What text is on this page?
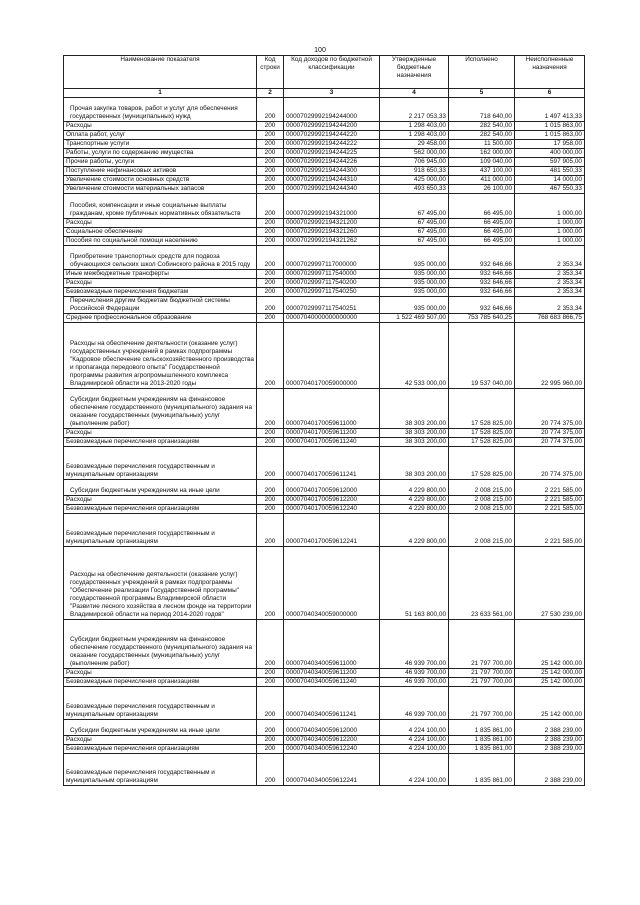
100
Наименование показателя	Код строки	Код доходов по бюджетной классификации	Утвержденные бюджетные назначения	Исполнено	Неисполненные назначения
1	2	3	4	5	6
Прочая закупка товаров, работ и услуг для обеспечения государственных (муниципальных) нужд	200	00007029992194244000	2 217 053,33	718 640,00	1 497 413,33
Расходы	200	00007029992194244200	1 298 403,00	282 540,00	1 015 863,00
Оплата работ, услуг	200	00007029992194244220	1 298 403,00	282 540,00	1 015 863,00
Транспортные услуги	200	00007029992194244222	29 458,00	11 500,00	17 958,00
Работы, услуги по содержанию имущества	200	00007029992194244225	562 000,00	162 000,00	400 000,00
Прочие работы, услуги	200	00007029992194244226	706 945,00	109 040,00	597 905,00
Поступление нефинансовых активов	200	00007029992194244300	918 650,33	437 100,00	481 550,33
Увеличение стоимости основных средств	200	00007029992194244310	425 000,00	411 000,00	14 000,00
Увеличение стоимости материальных запасов	200	00007029992194244340	493 650,33	26 100,00	467 550,33
Пособия, компенсации и иные социальные выплаты гражданам, кроме публичных нормативных обязательств	200	00007029992194321000	67 495,00	66 495,00	1 000,00
Расходы	200	00007029992194321200	67 495,00	66 495,00	1 000,00
Социальное обеспечение	200	00007029992194321260	67 495,00	66 495,00	1 000,00
Пособия по социальной помощи населению	200	00007029992194321262	67 495,00	66 495,00	1 000,00
Приобретение транспортных средств для подвоза обучающихся сельских школ Собинского района в 2015 году	200	00007029997117000000	935 000,00	932 646,66	2 353,34
Иные межбюджетные трансферты	200	00007029997117540000	935 000,00	932 646,66	2 353,34
Расходы	200	00007029997117540200	935 000,00	932 646,66	2 353,34
Безвозмездные перечисления бюджетам	200	00007029997117540250	935 000,00	932 646,66	2 353,34
Перечисления другим бюджетам бюджетной системы Российской Федерации	200	00007029997117540251	935 000,00	932 646,66	2 353,34
Среднее профессиональное образование	200	00007040000000000000	1 522 469 507,00	753 785 640,25	768 683 866,75
Расходы на обеспечение деятельности (оказание услуг) государственных учреждений в рамках подпрограммы "Кадровое обеспечение сельскохозяйственного производства и пропаганда передового опыта" Государственной программы развития агропромышленного комплекса Владимирской области на 2013-2020 годы	200	00007040170059000000	42 533 000,00	19 537 040,00	22 995 960,00
Субсидии бюджетным учреждениям на финансовое обеспечение государственного (муниципального) задания на оказание государственных (муниципальных) услуг (выполнение работ)	200	00007040170059611000	38 303 200,00	17 528 825,00	20 774 375,00
Расходы	200	00007040170059611200	38 303 200,00	17 528 825,00	20 774 375,00
Безвозмездные перечисления организациям	200	00007040170059611240	38 303 200,00	17 528 825,00	20 774 375,00
Безвозмездные перечисления государственным и муниципальным организациям	200	00007040170059611241	38 303 200,00	17 528 825,00	20 774 375,00
Субсидии бюджетным учреждениям на иные цели	200	00007040170059612000	4 229 800,00	2 008 215,00	2 221 585,00
Расходы	200	00007040170059612200	4 229 800,00	2 008 215,00	2 221 585,00
Безвозмездные перечисления организациям	200	00007040170059612240	4 229 800,00	2 008 215,00	2 221 585,00
Безвозмездные перечисления государственным и муниципальным организациям	200	00007040170059612241	4 229 800,00	2 008 215,00	2 221 585,00
Расходы на обеспечение деятельности (оказание услуг) государственных учреждений в рамках подпрограммы "Обеспечение реализации Государственной программы" государственной программы Владимирской области "Развитие лесного хозяйства в лесном фонде на территории Владимирской области на период 2014-2020 годов"	200	00007040340059000000	51 163 800,00	23 633 561,00	27 530 239,00
Субсидии бюджетным учреждениям на финансовое обеспечение государственного (муниципального) задания на оказание государственных (муниципальных) услуг (выполнение работ)	200	00007040340059611000	46 939 700,00	21 797 700,00	25 142 000,00
Расходы	200	00007040340059611200	46 939 700,00	21 797 700,00	25 142 000,00
Безвозмездные перечисления организациям	200	00007040340059611240	46 939 700,00	21 797 700,00	25 142 000,00
Безвозмездные перечисления государственным и муниципальным организациям	200	00007040340059611241	46 939 700,00	21 797 700,00	25 142 000,00
Субсидии бюджетным учреждениям на иные цели	200	00007040340059612000	4 224 100,00	1 835 861,00	2 388 239,00
Расходы	200	00007040340059612200	4 224 100,00	1 835 861,00	2 388 239,00
Безвозмездные перечисления организациям	200	00007040340059612240	4 224 100,00	1 835 861,00	2 388 239,00
Безвозмездные перечисления государственным и муниципальным организациям	200	00007040340059612241	4 224 100,00	1 835 861,00	2 388 239,00
